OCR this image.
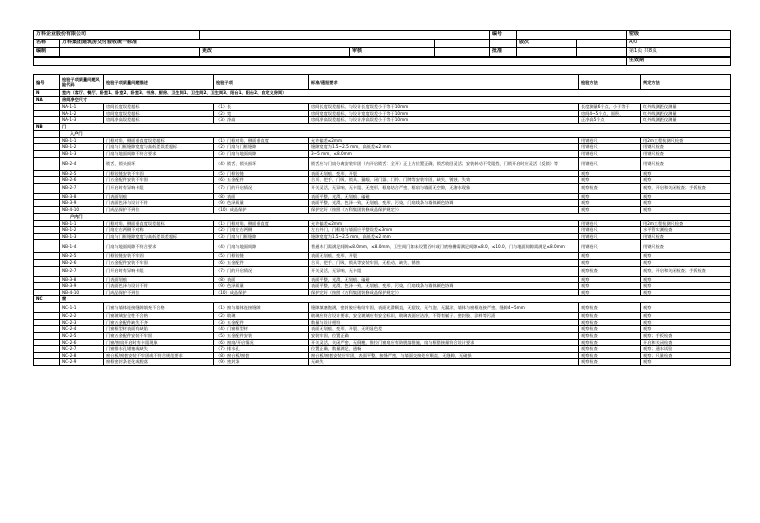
万科企业股份有限公司					编号			密级
名称	万科集团建筑房交付验收统一标准					版次		A/0
编制		更改	审核		批准			第1页 共8页
								生效期
编号	检验子项质量问题风险代码	检验子项质量问题描述	检验子项	标准/通报要求	检验方法	判定方法
N	室内（客厅、餐厅、卧室1、卧室2、卧室3、书房、厨房、卫生间1、卫生间2、卫生间3、阳台1、阳台2、自定义房间）					
NA	房间净空尺寸					
	NA-1-1	房间长度误差超标	（1）长	房间长度误差超标，与设计长度误差小于等于10mm	长度测量6个点，小于等于	红外线测距仪测量
	NA-1-2	房间宽度误差超标	（2）宽	房间宽度误差超标，与设计宽度误差小于等于10mm	房间4~5个点，面积、	红外线测距仪测量
	NA-1-3	房间净高误差超标	（3）净高	房间净高误差超标，与设计净高误差小于等于10mm	正净高5个点	红外线测距仪测量
NB	门					
	入户门					
	NB-1-1	门框对角、侧面垂直度误差超标	（1）门框对角、侧面垂直度	允许偏差≤2mm	用钢卷尺	用2m工程检测尺检查
	NB-1-2	门扇与门框缝隙宽度与高低差误差超标	（2）门扇与门框缝隙	缝隙宽度为1.5~2.5 mm，高低差≤2 mm	用钢卷尺	用钢尺检查
	NB-1-3	门扇与地面间隙不符合要求	（3）门扇与地面间隙	3~5 mm，≤8.0mm	用钢卷尺	用钢尺检查
	NB-2-4	锁舌、锁头损坏	（4）锁舌、锁头损坏	锁舌应与门扇分离安装牢固（内开启锁舌：全开）正上方位置正确，锁舌收回灵活；安装转动不受阻挡，门锁开启时应灵活（反锁）等	用钢卷尺	用钢尺检查
	NB-2-5	门框铰链安装不牢固	（5）门框铰链	表面无划痕、变形、开裂	观察	观察
	NB-2-6	门五金配件安装不牢固	（6）五金配件	合页、把手、门吸、锁具、猫眼、闭门器、门铃、门牌等安装牢固，缺失、锈蚀、失效	观察	观察
	NB-2-7	门开启时有异响卡阻	（7）门的开启情况	开关灵活，无异响，无卡阻、无变形，框扇结合严密，框扇与墙面无空隙，无渗水现象	观察检查	观察，开启和关闭检查；手扳检查
	NB-3-8	门表面划痕	（8）表面	表面平整，光滑，无划痕、磕碰	观察	观察
	NB-3-9	门表面色泽与设计不符	（9）色泽质量	表面平整，光滑，色泽一致，无划痕、变形、污染，门扇线条与墙体颜色协调	观察	观察
	NB-4-10	门成品保护不到位	（10）成品保护	保护完好（按照《万科集团装修成品保护规定》）	观察	观察
	户内门					
	NB-1-1	门框对角、侧面垂直度误差超标	（1）门框对角、侧面垂直度	允许偏差≤2mm	用钢卷尺	用2m工程检测尺检查
	NB-1-2	门扇左右两侧不对称	（2）门扇左右两侧	左右外门，门框扇与墙面应平整误差≤3mm	用钢卷尺	水平管实测检查
	NB-1-3	门扇与门框缝隙宽度与高低差误差超标	（3）门扇与门框缝隙	缝隙宽度为1.5~2.5 mm，高低差≤2 mm	用钢卷尺	用钢尺检查
	NB-1-4	门扇与地面间隙不符合要求	（4）门扇与地面间隙	普通木门需满足间隙≤8.0mm，≤8.0mm，卫生间门如未设置百叶或门底格栅需满足间隙≤8.0，≤10.0，门与地面间隙需满足≤8.0mm	用钢卷尺	用钢尺检查
	NB-2-5	门框铰链安装不牢固	（5）门框铰链	表面无划痕、变形、开裂	观察	观察
	NB-2-6	门五金配件安装不牢固	（6）五金配件	合页、把手、门吸、锁具等安装牢固，无松动、缺失、锈蚀	观察	观察
	NB-2-7	门开启时有异响卡阻	（7）门的开启情况	开关灵活，无异响，无卡阻	观察检查	观察，开启和关闭检查；手扳检查
	NB-3-8	门表面划痕	（8）表面	表面平整，光滑，无划痕、磕碰	观察	观察
	NB-3-9	门表面色泽与设计不符	（9）色泽质量	表面平整，光滑，色泽一致，无划痕、变形、污染，门扇线条与墙体颜色协调	观察	观察
	NB-4-10	门成品保护不到位	（10）成品保护	保护完好（按照《万科集团装修成品保护规定》）	观察	观察
NC	窗					
	NC-1-1	门窗与墙体连接缝隙填充不合格	（1）窗与墙体连接缝隙	缝隙填塞饱满，密封胶应粘结牢固，表面光滑顺直，无裂纹、无气泡、无漏涂，墙体与窗框连接严密，缝隙4~5mm	观察检查	观察
	NC-2-2	门窗玻璃安全性不合格	（2）玻璃	玻璃应符合设计要求，安全玻璃应有安全标识，玻璃表面应洁净，不得有腻子、密封胶、涂料等污渍	观察检查	观察
	NC-2-3	门窗五金配件缺失不齐	（3）五金配件	数量与设计相符	观察检查	观察
	NC-2-4	门窗框型材表面有缺陷	（4）门窗框型材	表面无划痕、变形、开裂、无明显色差	观察检查	观察
	NC-2-5	门窗五金配件安装不牢固	（5）五金配件安装	安装牢固，位置正确	观察检查	观察；手扳检查
	NC-2-6	门窗/窗扇开启时有卡阻现象	（6）窗扇/开启情况	开关灵活，关闭严密，无倒翘，推拉门窗扇应有防脱落措施，扇与框搭接量符合设计要求	观察检查	开启和关闭检查
	NC-2-7	门窗排水孔堵塞或缺失	（7）排水孔	位置正确，数量满足，通畅	观察检查	观察；通水试验
	NC-2-8	窗台板/窗套安装不牢固或不符合规范要求	（8）窗台板/窗套	窗台板/窗套安装应牢固，表面平整，接缝严密，与墙面交接处应顺直、无缝隙、无破损	观察检查	观察；尺量检查
	NC-2-9	窗框密封条老化或脱落	（9）密封条	无缺失	观察检查	观察
